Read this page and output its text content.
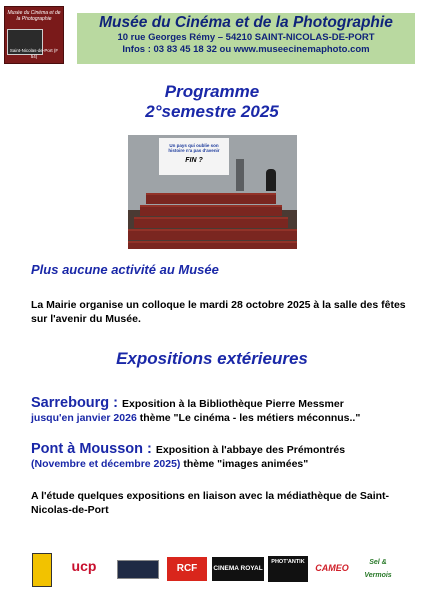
Musée du Cinéma et de la Photographie
Saint-Nicolas-de-Port (F 54)
Musée du Cinéma et de la Photographie
10 rue Georges Rémy – 54210 SAINT-NICOLAS-DE-PORT
Infos : 03 83 45 18 32 ou www.museecinemaphoto.com
Programme
2°semestre 2025
Un pays qui oublie son histoire n'a pas d'avenir
FIN ?
Plus aucune activité au Musée
La Mairie organise un colloque le mardi 28 octobre 2025 à la salle des fêtes sur l'avenir du Musée.
Expositions extérieures
Sarrebourg : Exposition à la Bibliothèque Pierre Messmer
jusqu'en janvier 2026 thème "Le cinéma - les métiers méconnus.."
Pont à Mousson : Exposition à l'abbaye des Prémontrés
(Novembre et décembre 2025) thème "images animées"
A l'étude quelques expositions en liaison avec la médiathèque de Saint-Nicolas-de-Port
ucp	RCF	CINEMA ROYAL
PHOT'ANTIK
CAMEO
Sel & Vermois
